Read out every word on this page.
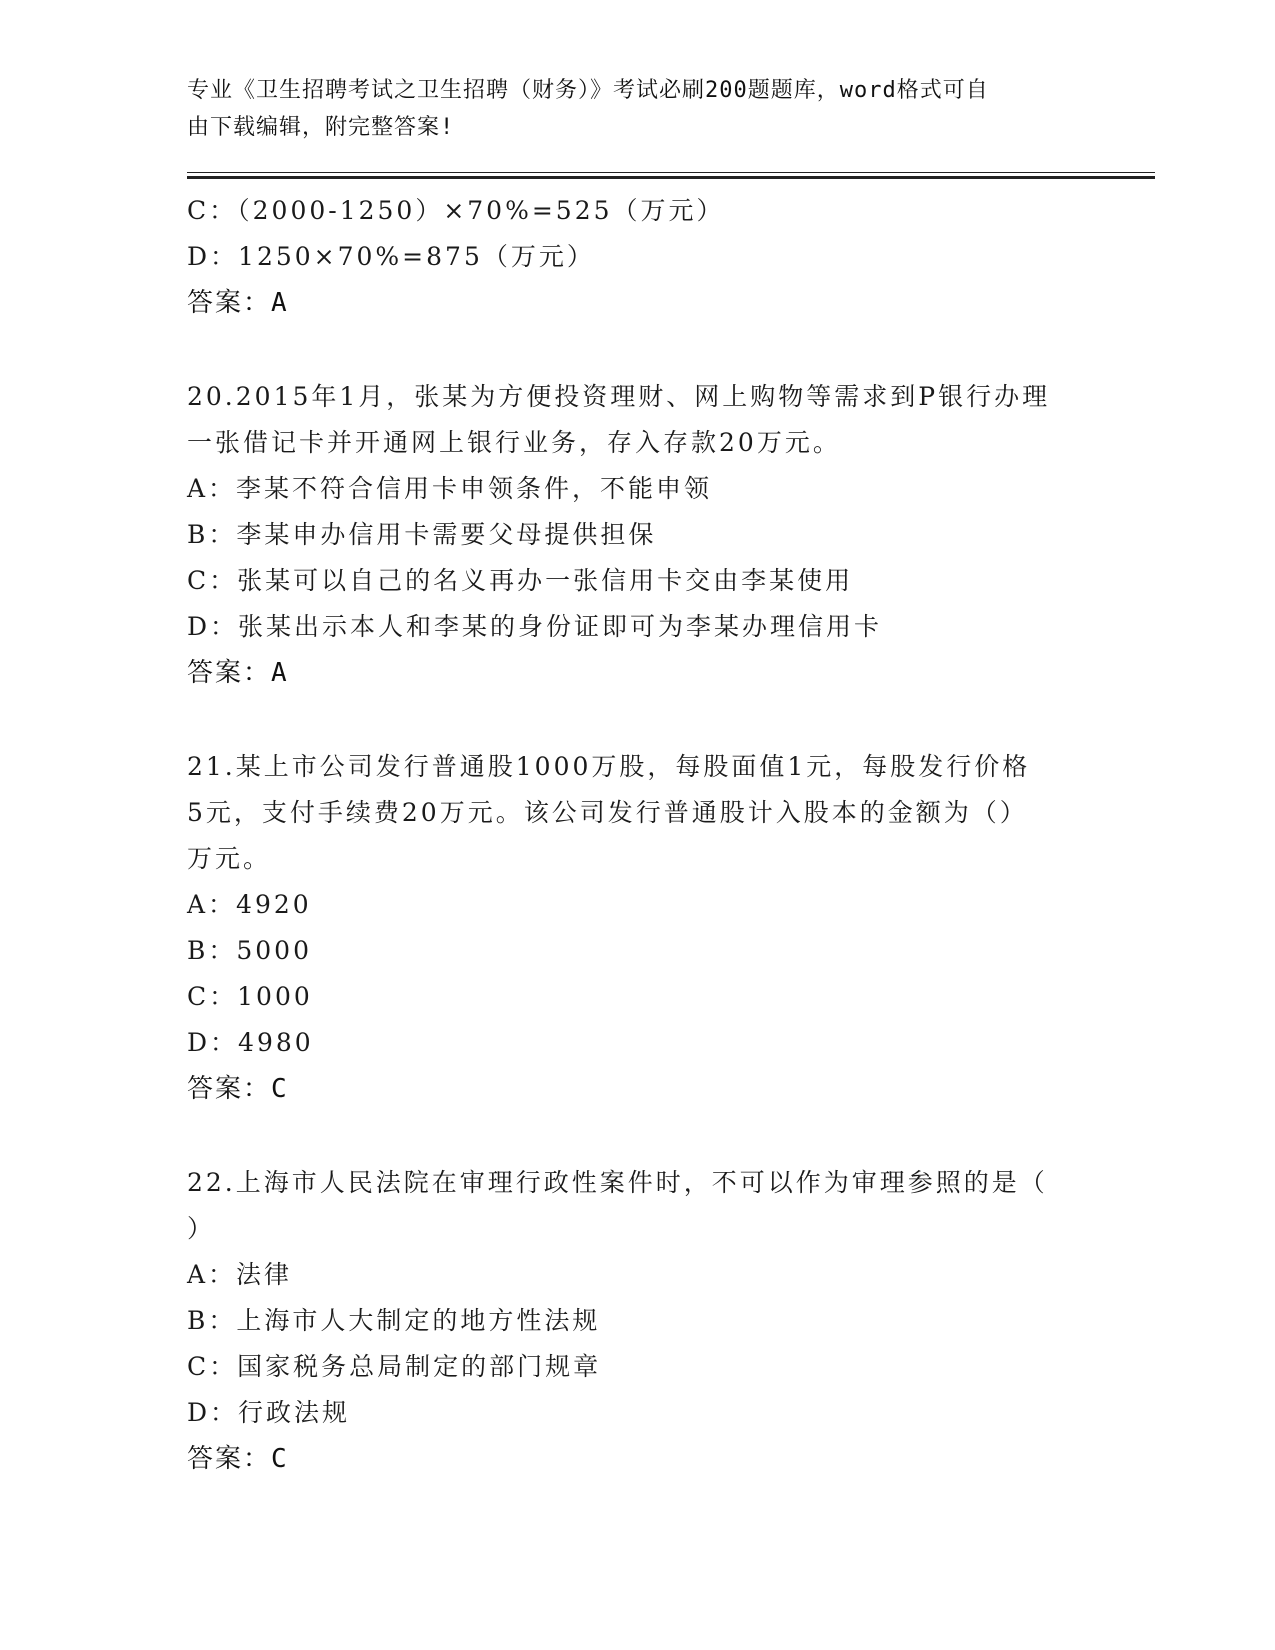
专业《卫生招聘考试之卫生招聘（财务）》考试必刷200题题库，word格式可自
由下载编辑，附完整答案!
C：（2000-1250）×70%=525（万元）
D：1250×70%=875（万元）
答案：A
20.2015年1月，张某为方便投资理财、网上购物等需求到P银行办理
一张借记卡并开通网上银行业务，存入存款20万元。
A：李某不符合信用卡申领条件，不能申领
B：李某申办信用卡需要父母提供担保
C：张某可以自己的名义再办一张信用卡交由李某使用
D：张某出示本人和李某的身份证即可为李某办理信用卡
答案：A
21.某上市公司发行普通股1000万股，每股面值1元，每股发行价格
5元，支付手续费20万元。该公司发行普通股计入股本的金额为（）
万元。
A：4920
B：5000
C：1000
D：4980
答案：C
22.上海市人民法院在审理行政性案件时，不可以作为审理参照的是（
）
A：法律
B：上海市人大制定的地方性法规
C：国家税务总局制定的部门规章
D：行政法规
答案：C
